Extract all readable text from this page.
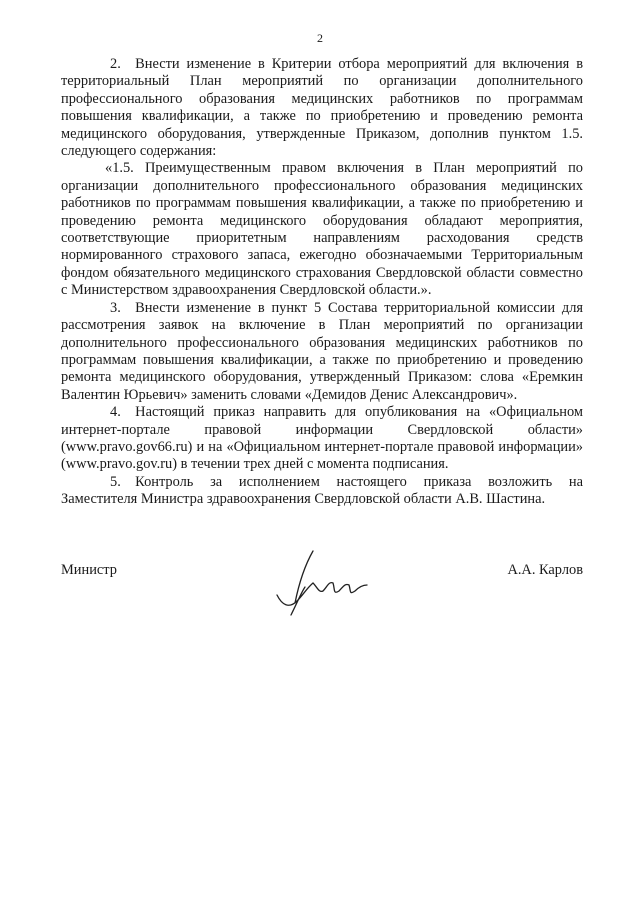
2

2. Внести изменение в Критерии отбора мероприятий для включения в территориальный План мероприятий по организации дополнительного профессионального образования медицинских работников по программам повышения квалификации, а также по приобретению и проведению ремонта медицинского оборудования, утвержденные Приказом, дополнив пунктом 1.5. следующего содержания:

«1.5. Преимущественным правом включения в План мероприятий по организации дополнительного профессионального образования медицинских работников по программам повышения квалификации, а также по приобретению и проведению ремонта медицинского оборудования обладают мероприятия, соответствующие приоритетным направлениям расходования средств нормированного страхового запаса, ежегодно обозначаемыми Территориальным фондом обязательного медицинского страхования Свердловской области совместно с Министерством здравоохранения Свердловской области.».

3. Внести изменение в пункт 5 Состава территориальной комиссии для рассмотрения заявок на включение в План мероприятий по организации дополнительного профессионального образования медицинских работников по программам повышения квалификации, а также по приобретению и проведению ремонта медицинского оборудования, утвержденный Приказом: слова «Еремкин Валентин Юрьевич» заменить словами «Демидов Денис Александрович».

4. Настоящий приказ направить для опубликования на «Официальном интернет-портале правовой информации Свердловской области» (www.pravo.gov66.ru) и на «Официальном интернет-портале правовой информации» (www.pravo.gov.ru) в течении трех дней с момента подписания.

5. Контроль за исполнением настоящего приказа возложить на Заместителя Министра здравоохранения Свердловской области А.В. Шастина.

Министр	А.А. Карлов
